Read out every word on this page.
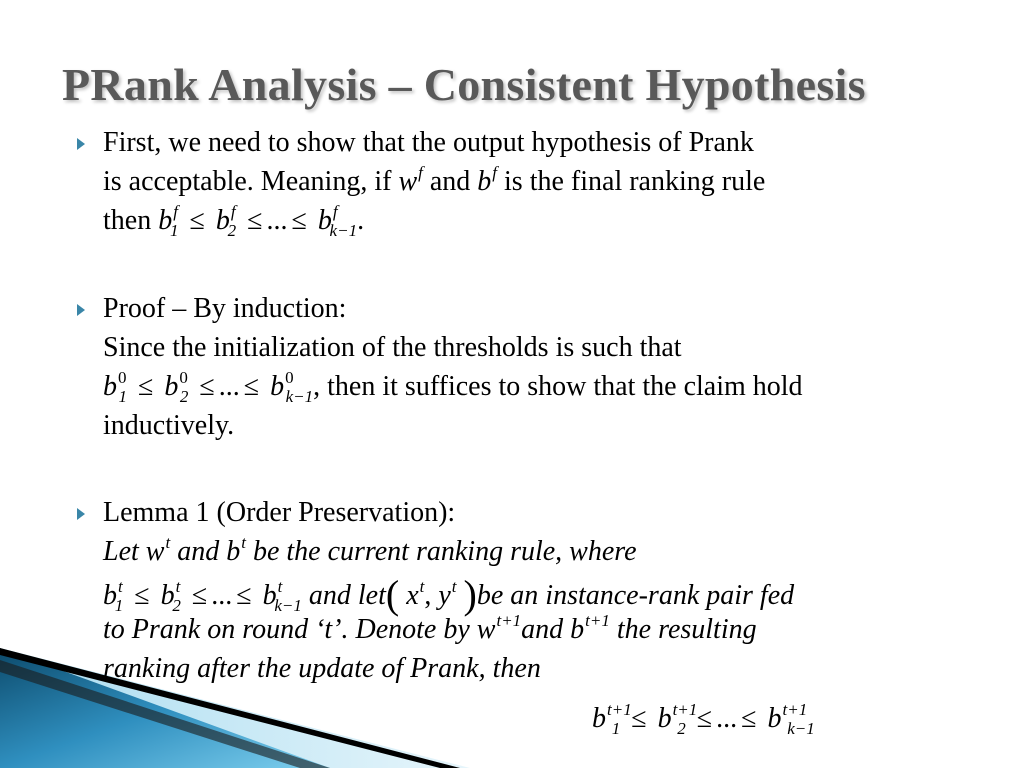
PRank Analysis – Consistent Hypothesis
First, we need to show that the output hypothesis of Prank
is acceptable. Meaning, if $w^f$ and $b^f$ is the final ranking rule
then $b^f_1 \le b^f_2$ ≤ ... ≤ $b^f_{k-1}$.
Proof – By induction:
Since the initialization of the thresholds is such that
$b^0_1 \le b^0_2$ ≤ ... ≤ $b^0_{k-1}$, then it suffices to show that the claim hold
inductively.
Lemma 1 (Order Preservation):
Let $w^t$ and $b^t$ be the current ranking rule, where
$b^t_1 \le b^t_2$ ≤ ... ≤ $b^t_{k-1}$ and let( $x^t$, $y^t$ )be an instance-rank pair fed
to Prank on round ‘t’. Denote by $w^{t+1}and$ $b^{t+1}$ the resulting
ranking after the update of Prank, then
$b^{t+1}_1 \le b^{t+1}_2$ ≤ ... ≤ $b^{t+1}_{k-1}$
